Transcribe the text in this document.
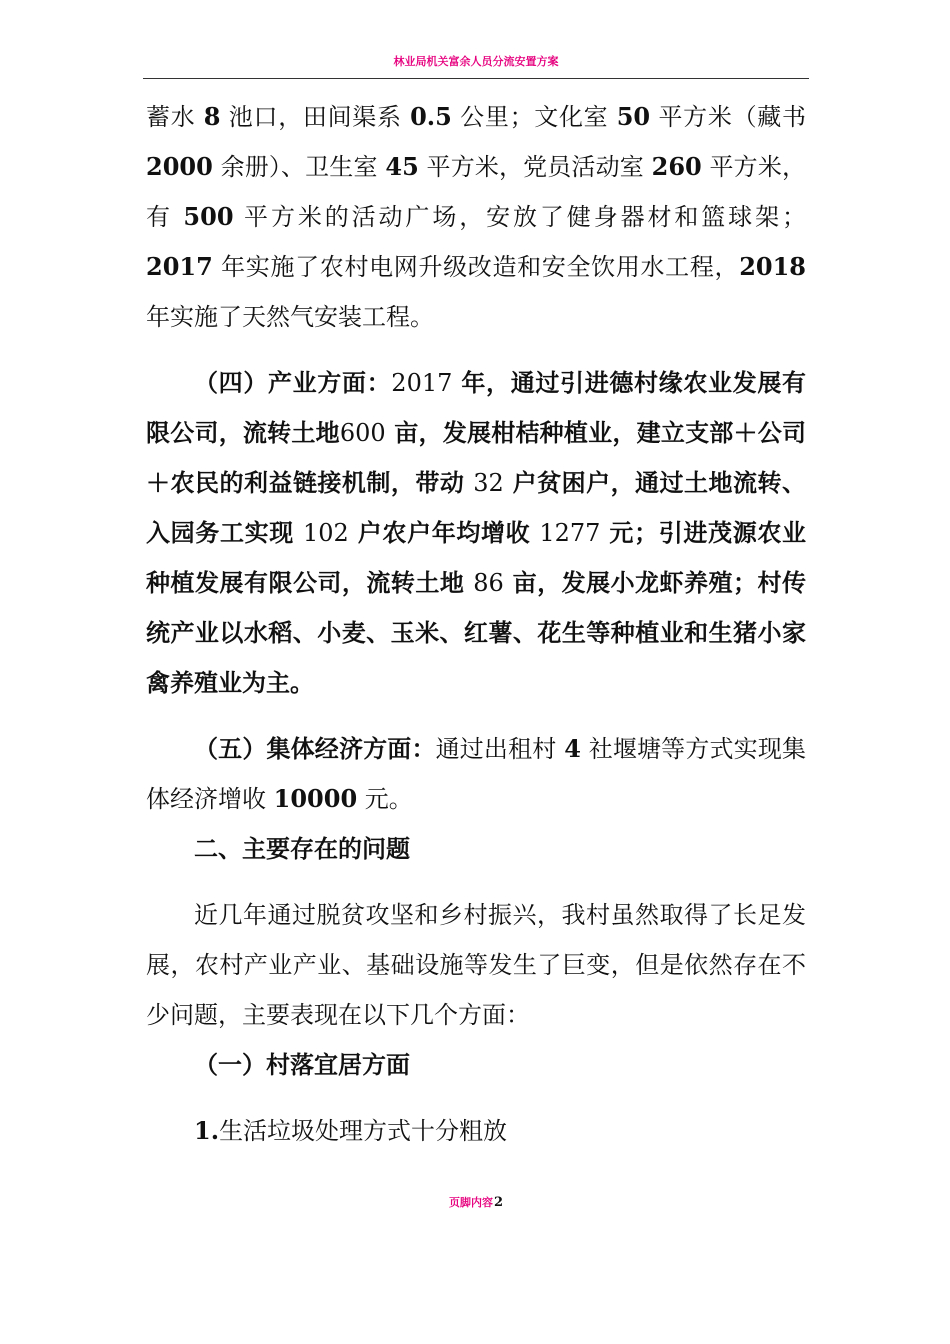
林业局机关富余人员分流安置方案

蓄水 8 池口，田间渠系 0.5 公里；文化室 50 平方米（藏书 2000 余册）、卫生室 45 平方米，党员活动室 260 平方米，有 500 平方米的活动广场，安放了健身器材和篮球架；2017 年实施了农村电网升级改造和安全饮用水工程，2018 年实施了天然气安装工程。

（四）产业方面：2017 年，通过引进德村缘农业发展有限公司，流转土地600 亩，发展柑桔种植业，建立支部＋公司＋农民的利益链接机制，带动 32 户贫困户，通过土地流转、入园务工实现 102 户农户年均增收 1277 元；引进茂源农业种植发展有限公司，流转土地 86 亩，发展小龙虾养殖；村传统产业以水稻、小麦、玉米、红薯、花生等种植业和生猪小家禽养殖业为主。

（五）集体经济方面：通过出租村 4 社堰塘等方式实现集体经济增收 10000 元。

二、主要存在的问题

近几年通过脱贫攻坚和乡村振兴，我村虽然取得了长足发展，农村产业产业、基础设施等发生了巨变，但是依然存在不少问题，主要表现在以下几个方面：

（一）村落宜居方面

1.生活垃圾处理方式十分粗放

页脚内容2
